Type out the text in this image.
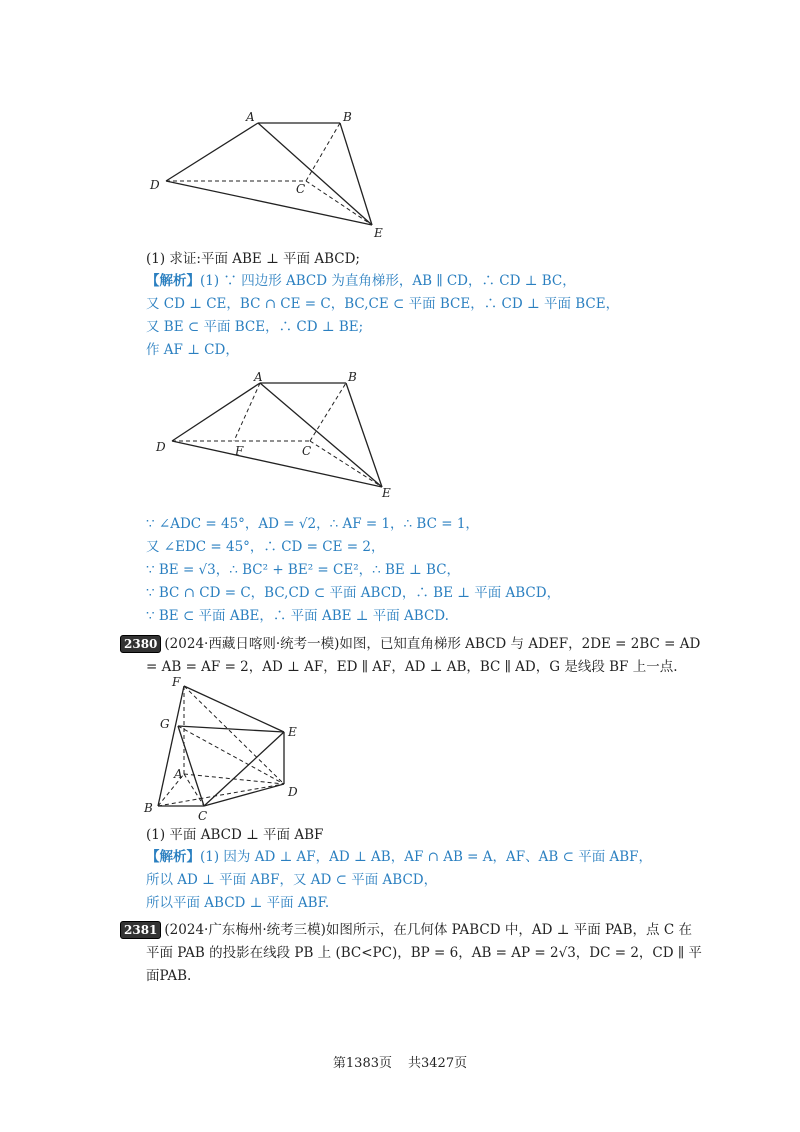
A	B
C
D
E
(1) 求证:平面 ABE ⊥ 平面 ABCD;
【解析】(1) ∵ 四边形 ABCD 为直角梯形，AB ∥ CD，∴ CD ⊥ BC，
又 CD ⊥ CE，BC ∩ CE = C，BC,CE ⊂ 平面 BCE，∴ CD ⊥ 平面 BCE，
又 BE ⊂ 平面 BCE，∴ CD ⊥ BE;
作 AF ⊥ CD，
A	B
C
D
E
F
∵ ∠ADC = 45°，AD = √2，∴ AF = 1，∴ BC = 1，
又 ∠EDC = 45°，∴ CD = CE = 2，
∵ BE = √3，∴ BC² + BE² = CE²，∴ BE ⊥ BC，
∵ BC ∩ CD = C，BC,CD ⊂ 平面 ABCD，∴ BE ⊥ 平面 ABCD，
∵ BE ⊂ 平面 ABE，∴ 平面 ABE ⊥ 平面 ABCD.
2380 (2024·西藏日喀则·统考一模)如图，已知直角梯形 ABCD 与 ADEF，2DE = 2BC = AD
= AB = AF = 2，AD ⊥ AF，ED ∥ AF，AD ⊥ AB，BC ∥ AD，G 是线段 BF 上一点.
F
G
E
A
B
C
D
(1) 平面 ABCD ⊥ 平面 ABF
【解析】(1) 因为 AD ⊥ AF，AD ⊥ AB，AF ∩ AB = A，AF、AB ⊂ 平面 ABF，
所以 AD ⊥ 平面 ABF，又 AD ⊂ 平面 ABCD，
所以平面 ABCD ⊥ 平面 ABF.
2381 (2024·广东梅州·统考三模)如图所示，在几何体 PABCD 中，AD ⊥ 平面 PAB，点 C 在
平面 PAB 的投影在线段 PB 上 (BC<PC)，BP = 6，AB = AP = 2√3，DC = 2，CD ∥ 平
面PAB.
第1383页 共3427页
